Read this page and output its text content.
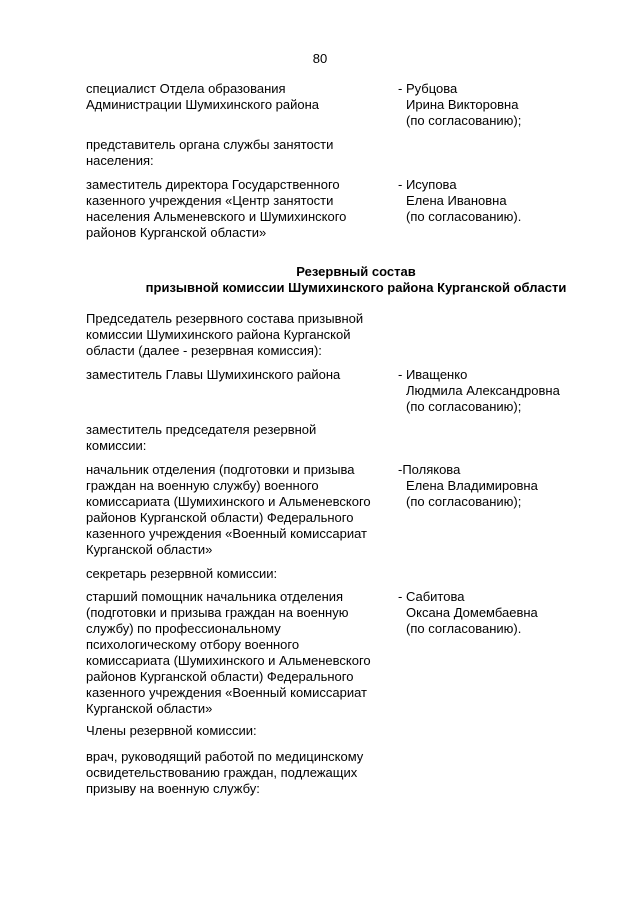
80
специалист Отдела образования
Администрации Шумихинского района
- Рубцова
Ирина Викторовна
(по согласованию);
представитель органа службы занятости
населения:
заместитель директора Государственного
казенного учреждения «Центр занятости
населения Альменевского и Шумихинского
районов Курганской области»
- Исупова
Елена Ивановна
(по согласованию).
Резервный состав
призывной комиссии Шумихинского района Курганской области
Председатель резервного состава призывной
комиссии Шумихинского района Курганской
области (далее - резервная комиссия):
заместитель Главы Шумихинского района	- Иващенко
Людмила Александровна
(по согласованию);
заместитель председателя резервной
комиссии:
начальник отделения (подготовки и призыва
граждан на военную службу) военного
комиссариата (Шумихинского и Альменевского
районов Курганской области) Федерального
казенного учреждения «Военный комиссариат
Курганской области»
-Полякова
Елена Владимировна
(по согласованию);
секретарь резервной комиссии:
старший помощник начальника отделения
(подготовки и призыва граждан на военную
службу) по профессиональному
психологическому отбору военного
комиссариата (Шумихинского и Альменевского
районов Курганской области) Федерального
казенного учреждения «Военный комиссариат
Курганской области»
- Сабитова
Оксана Домембаевна
(по согласованию).
Члены резервной комиссии:
врач, руководящий работой по медицинскому
освидетельствованию граждан, подлежащих
призыву на военную службу:
